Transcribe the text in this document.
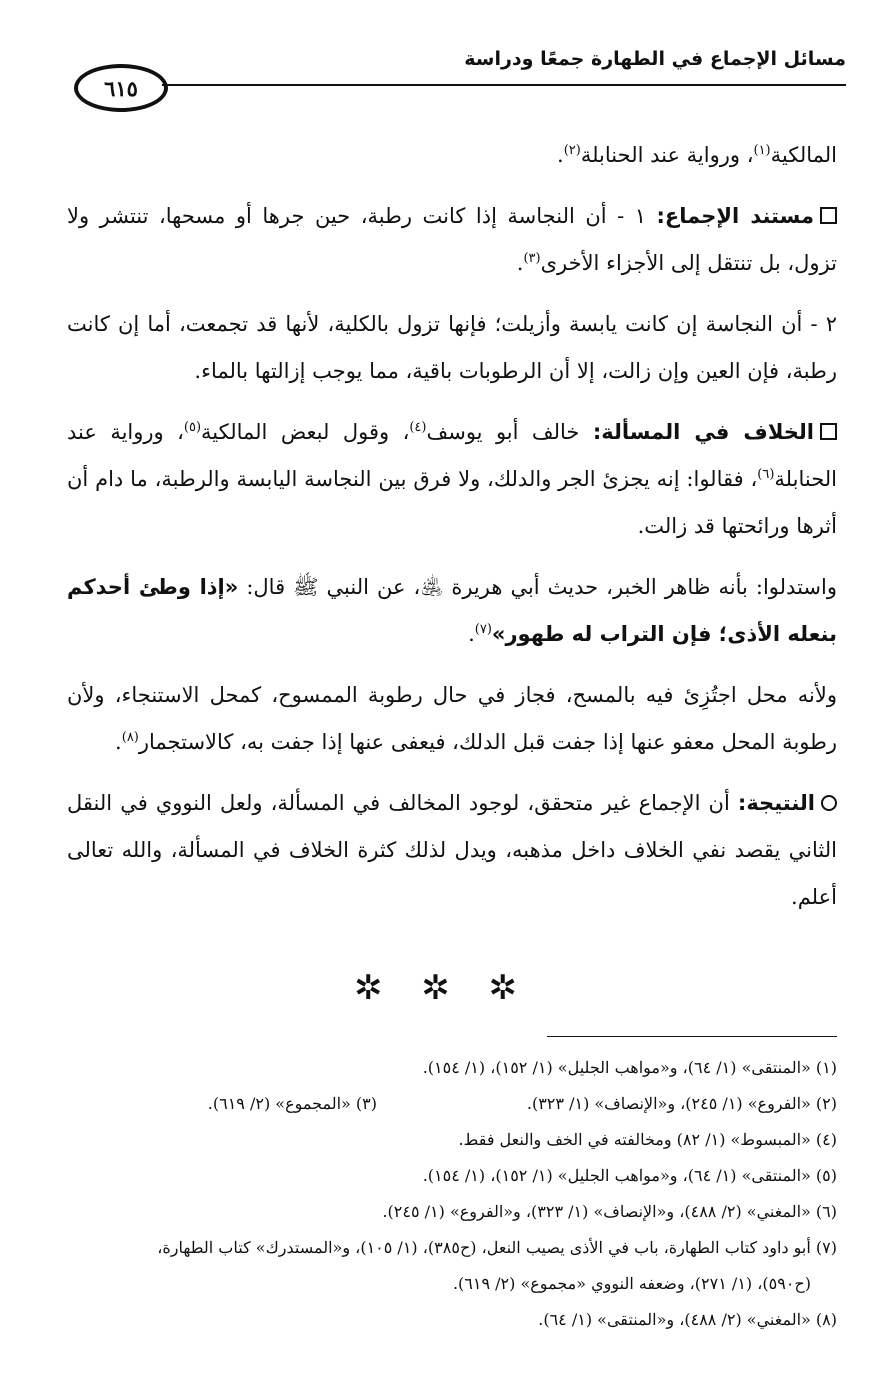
مسائل الإجماع في الطهارة جمعًا ودراسة
٦١٥

المالكية$^{(١)}$، ورواية عند الحنابلة$^{(٢)}$.

مستند الإجماع: ١ - أن النجاسة إذا كانت رطبة، حين جرها أو مسحها، تنتشر ولا تزول، بل تنتقل إلى الأجزاء الأخرى$^{(٣)}$.

٢ - أن النجاسة إن كانت يابسة وأزيلت؛ فإنها تزول بالكلية، لأنها قد تجمعت، أما إن كانت رطبة، فإن العين وإن زالت، إلا أن الرطوبات باقية، مما يوجب إزالتها بالماء.

الخلاف في المسألة: خالف أبو يوسف$^{(٤)}$، وقول لبعض المالكية$^{(٥)}$، ورواية عند الحنابلة$^{(٦)}$، فقالوا: إنه يجزئ الجر والدلك، ولا فرق بين النجاسة اليابسة والرطبة، ما دام أن أثرها ورائحتها قد زالت.

واستدلوا: بأنه ظاهر الخبر، حديث أبي هريرة ﵁، عن النبي ﷺ قال: «إذا وطئ أحدكم بنعله الأذى؛ فإن التراب له طهور»$^{(٧)}$.

ولأنه محل اجتُزِئ فيه بالمسح، فجاز في حال رطوبة الممسوح، كمحل الاستنجاء، ولأن رطوبة المحل معفو عنها إذا جفت قبل الدلك، فيعفى عنها إذا جفت به، كالاستجمار$^{(٨)}$.

النتيجة: أن الإجماع غير متحقق، لوجود المخالف في المسألة، ولعل النووي في النقل الثاني يقصد نفي الخلاف داخل مذهبه، ويدل لذلك كثرة الخلاف في المسألة، والله تعالى أعلم.

✲ ✲ ✲
(١) «المنتقى» (١/ ٦٤)، و«مواهب الجليل» (١/ ١٥٢)، (١/ ١٥٤).
(٢) «الفروع» (١/ ٢٤٥)، و«الإنصاف» (١/ ٣٢٣).(٣) «المجموع» (٢/ ٦١٩).
(٤) «المبسوط» (١/ ٨٢) ومخالفته في الخف والنعل فقط.
(٥) «المنتقى» (١/ ٦٤)، و«مواهب الجليل» (١/ ١٥٢)، (١/ ١٥٤).
(٦) «المغني» (٢/ ٤٨٨)، و«الإنصاف» (١/ ٣٢٣)، و«الفروع» (١/ ٢٤٥).
(٧) أبو داود كتاب الطهارة، باب في الأذى يصيب النعل، (ح٣٨٥)، (١/ ١٠٥)، و«المستدرك» كتاب الطهارة،
(ح٥٩٠)، (١/ ٢٧١)، وضعفه النووي «مجموع» (٢/ ٦١٩).
(٨) «المغني» (٢/ ٤٨٨)، و«المنتقى» (١/ ٦٤).
